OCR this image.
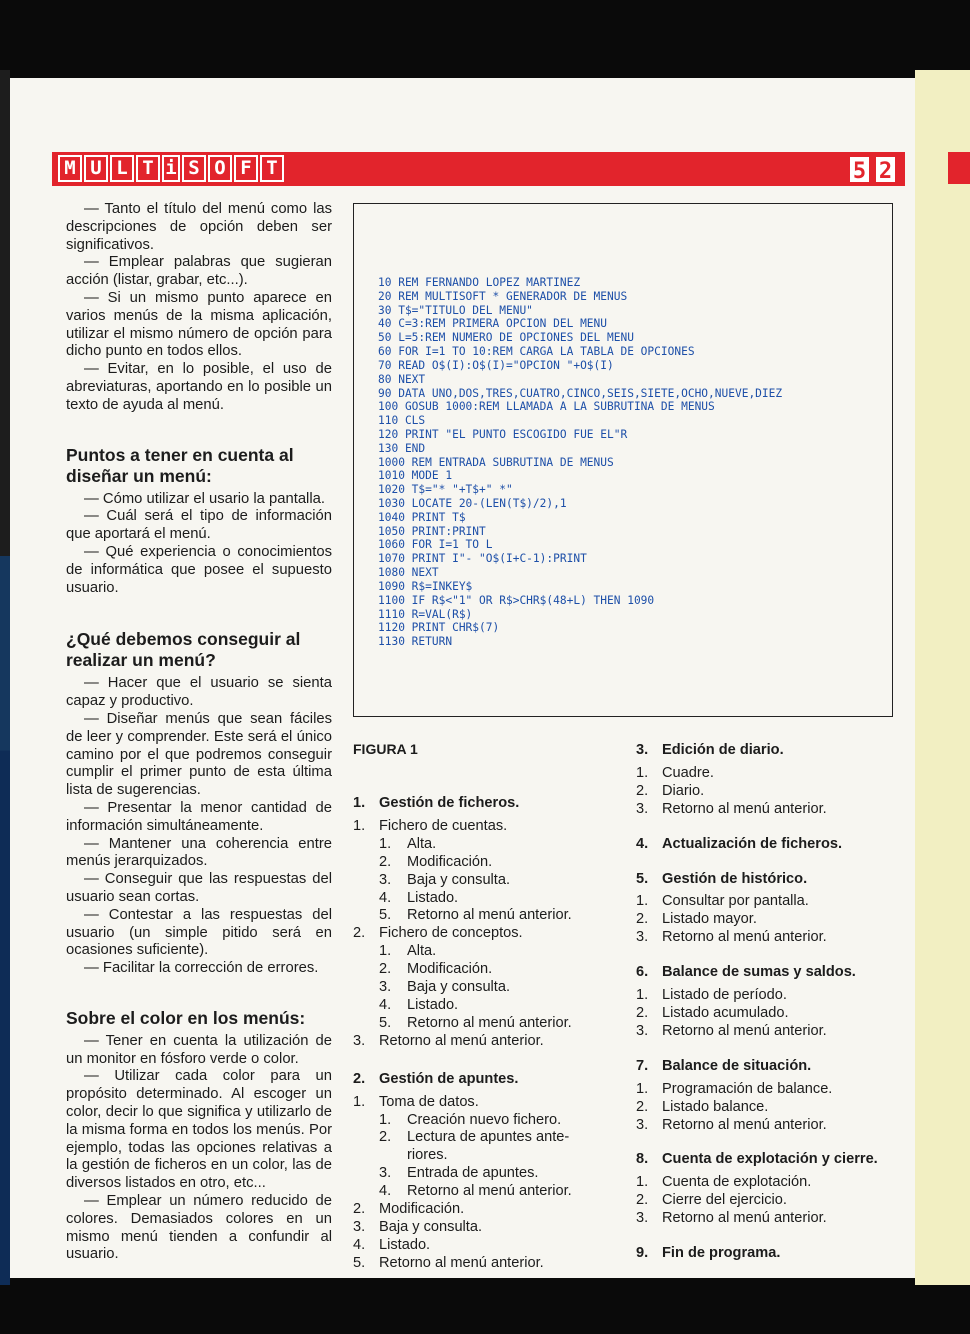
M U L T i S O F T	5 2

— Tanto el título del menú como las descripciones de opción deben ser significativos.

— Emplear palabras que sugieran acción (listar, grabar, etc...).

— Si un mismo punto aparece en varios menús de la misma aplicación, utilizar el mismo número de opción para dicho punto en todos ellos.

— Evitar, en lo posible, el uso de abreviaturas, aportando en lo posible un texto de ayuda al menú.

Puntos a tener en cuenta al diseñar un menú:

— Cómo utilizar el usario la pantalla.

— Cuál será el tipo de información que aportará el menú.

— Qué experiencia o conocimientos de informática que posee el supuesto usuario.

¿Qué debemos conseguir al realizar un menú?

— Hacer que el usuario se sienta capaz y productivo.

— Diseñar menús que sean fáciles de leer y comprender. Este será el único camino por el que podremos conseguir cumplir el primer punto de esta última lista de sugerencias.

— Presentar la menor cantidad de información simultáneamente.

— Mantener una coherencia entre menús jerarquizados.

— Conseguir que las respuestas del usuario sean cortas.

— Contestar a las respuestas del usuario (un simple pitido será en ocasiones suficiente).

— Facilitar la corrección de errores.

Sobre el color en los menús:

— Tener en cuenta la utilización de un monitor en fósforo verde o color.

— Utilizar cada color para un propósito determinado. Al escoger un color, decir lo que significa y utilizarlo de la misma forma en todos los menús. Por ejemplo, todas las opciones relativas a la gestión de ficheros en un color, las de diversos listados en otro, etc...

— Emplear un número reducido de colores. Demasiados colores en un mismo menú tienden a confundir al usuario.

10 REM FERNANDO LOPEZ MARTINEZ
20 REM MULTISOFT * GENERADOR DE MENUS
30 T$="TITULO DEL MENU"
40 C=3:REM PRIMERA OPCION DEL MENU
50 L=5:REM NUMERO DE OPCIONES DEL MENU
60 FOR I=1 TO 10:REM CARGA LA TABLA DE OPCIONES
70 READ O$(I):O$(I)="OPCION "+O$(I)
80 NEXT
90 DATA UNO,DOS,TRES,CUATRO,CINCO,SEIS,SIETE,OCHO,NUEVE,DIEZ
100 GOSUB 1000:REM LLAMADA A LA SUBRUTINA DE MENUS
110 CLS
120 PRINT "EL PUNTO ESCOGIDO FUE EL"R
130 END
1000 REM ENTRADA SUBRUTINA DE MENUS
1010 MODE 1
1020 T$="* "+T$+" *"
1030 LOCATE 20-(LEN(T$)/2),1
1040 PRINT T$
1050 PRINT:PRINT
1060 FOR I=1 TO L
1070 PRINT I"- "O$(I+C-1):PRINT
1080 NEXT
1090 R$=INKEY$
1100 IF R$<"1" OR R$>CHR$(48+L) THEN 1090
1110 R=VAL(R$)
1120 PRINT CHR$(7)
1130 RETURN
FIGURA 1

1. Gestión de ficheros.

1. Fichero de cuentas.

1. Alta.

2. Modificación.

3. Baja y consulta.

4. Listado.

5. Retorno al menú anterior.

2. Fichero de conceptos.

1. Alta.

2. Modificación.

3. Baja y consulta.

4. Listado.

5. Retorno al menú anterior.

3. Retorno al menú anterior.

2. Gestión de apuntes.

1. Toma de datos.

1. Creación nuevo fichero.

2. Lectura de apuntes ante-

riores.

3. Entrada de apuntes.

4. Retorno al menú anterior.

2. Modificación.

3. Baja y consulta.

4. Listado.

5. Retorno al menú anterior.

3. Edición de diario.

1. Cuadre.

2. Diario.

3. Retorno al menú anterior.

4. Actualización de ficheros.

5. Gestión de histórico.

1. Consultar por pantalla.

2. Listado mayor.

3. Retorno al menú anterior.

6. Balance de sumas y saldos.

1. Listado de período.

2. Listado acumulado.

3. Retorno al menú anterior.

7. Balance de situación.

1. Programación de balance.

2. Listado balance.

3. Retorno al menú anterior.

8. Cuenta de explotación y cierre.

1. Cuenta de explotación.

2. Cierre del ejercicio.

3. Retorno al menú anterior.

9. Fin de programa.
